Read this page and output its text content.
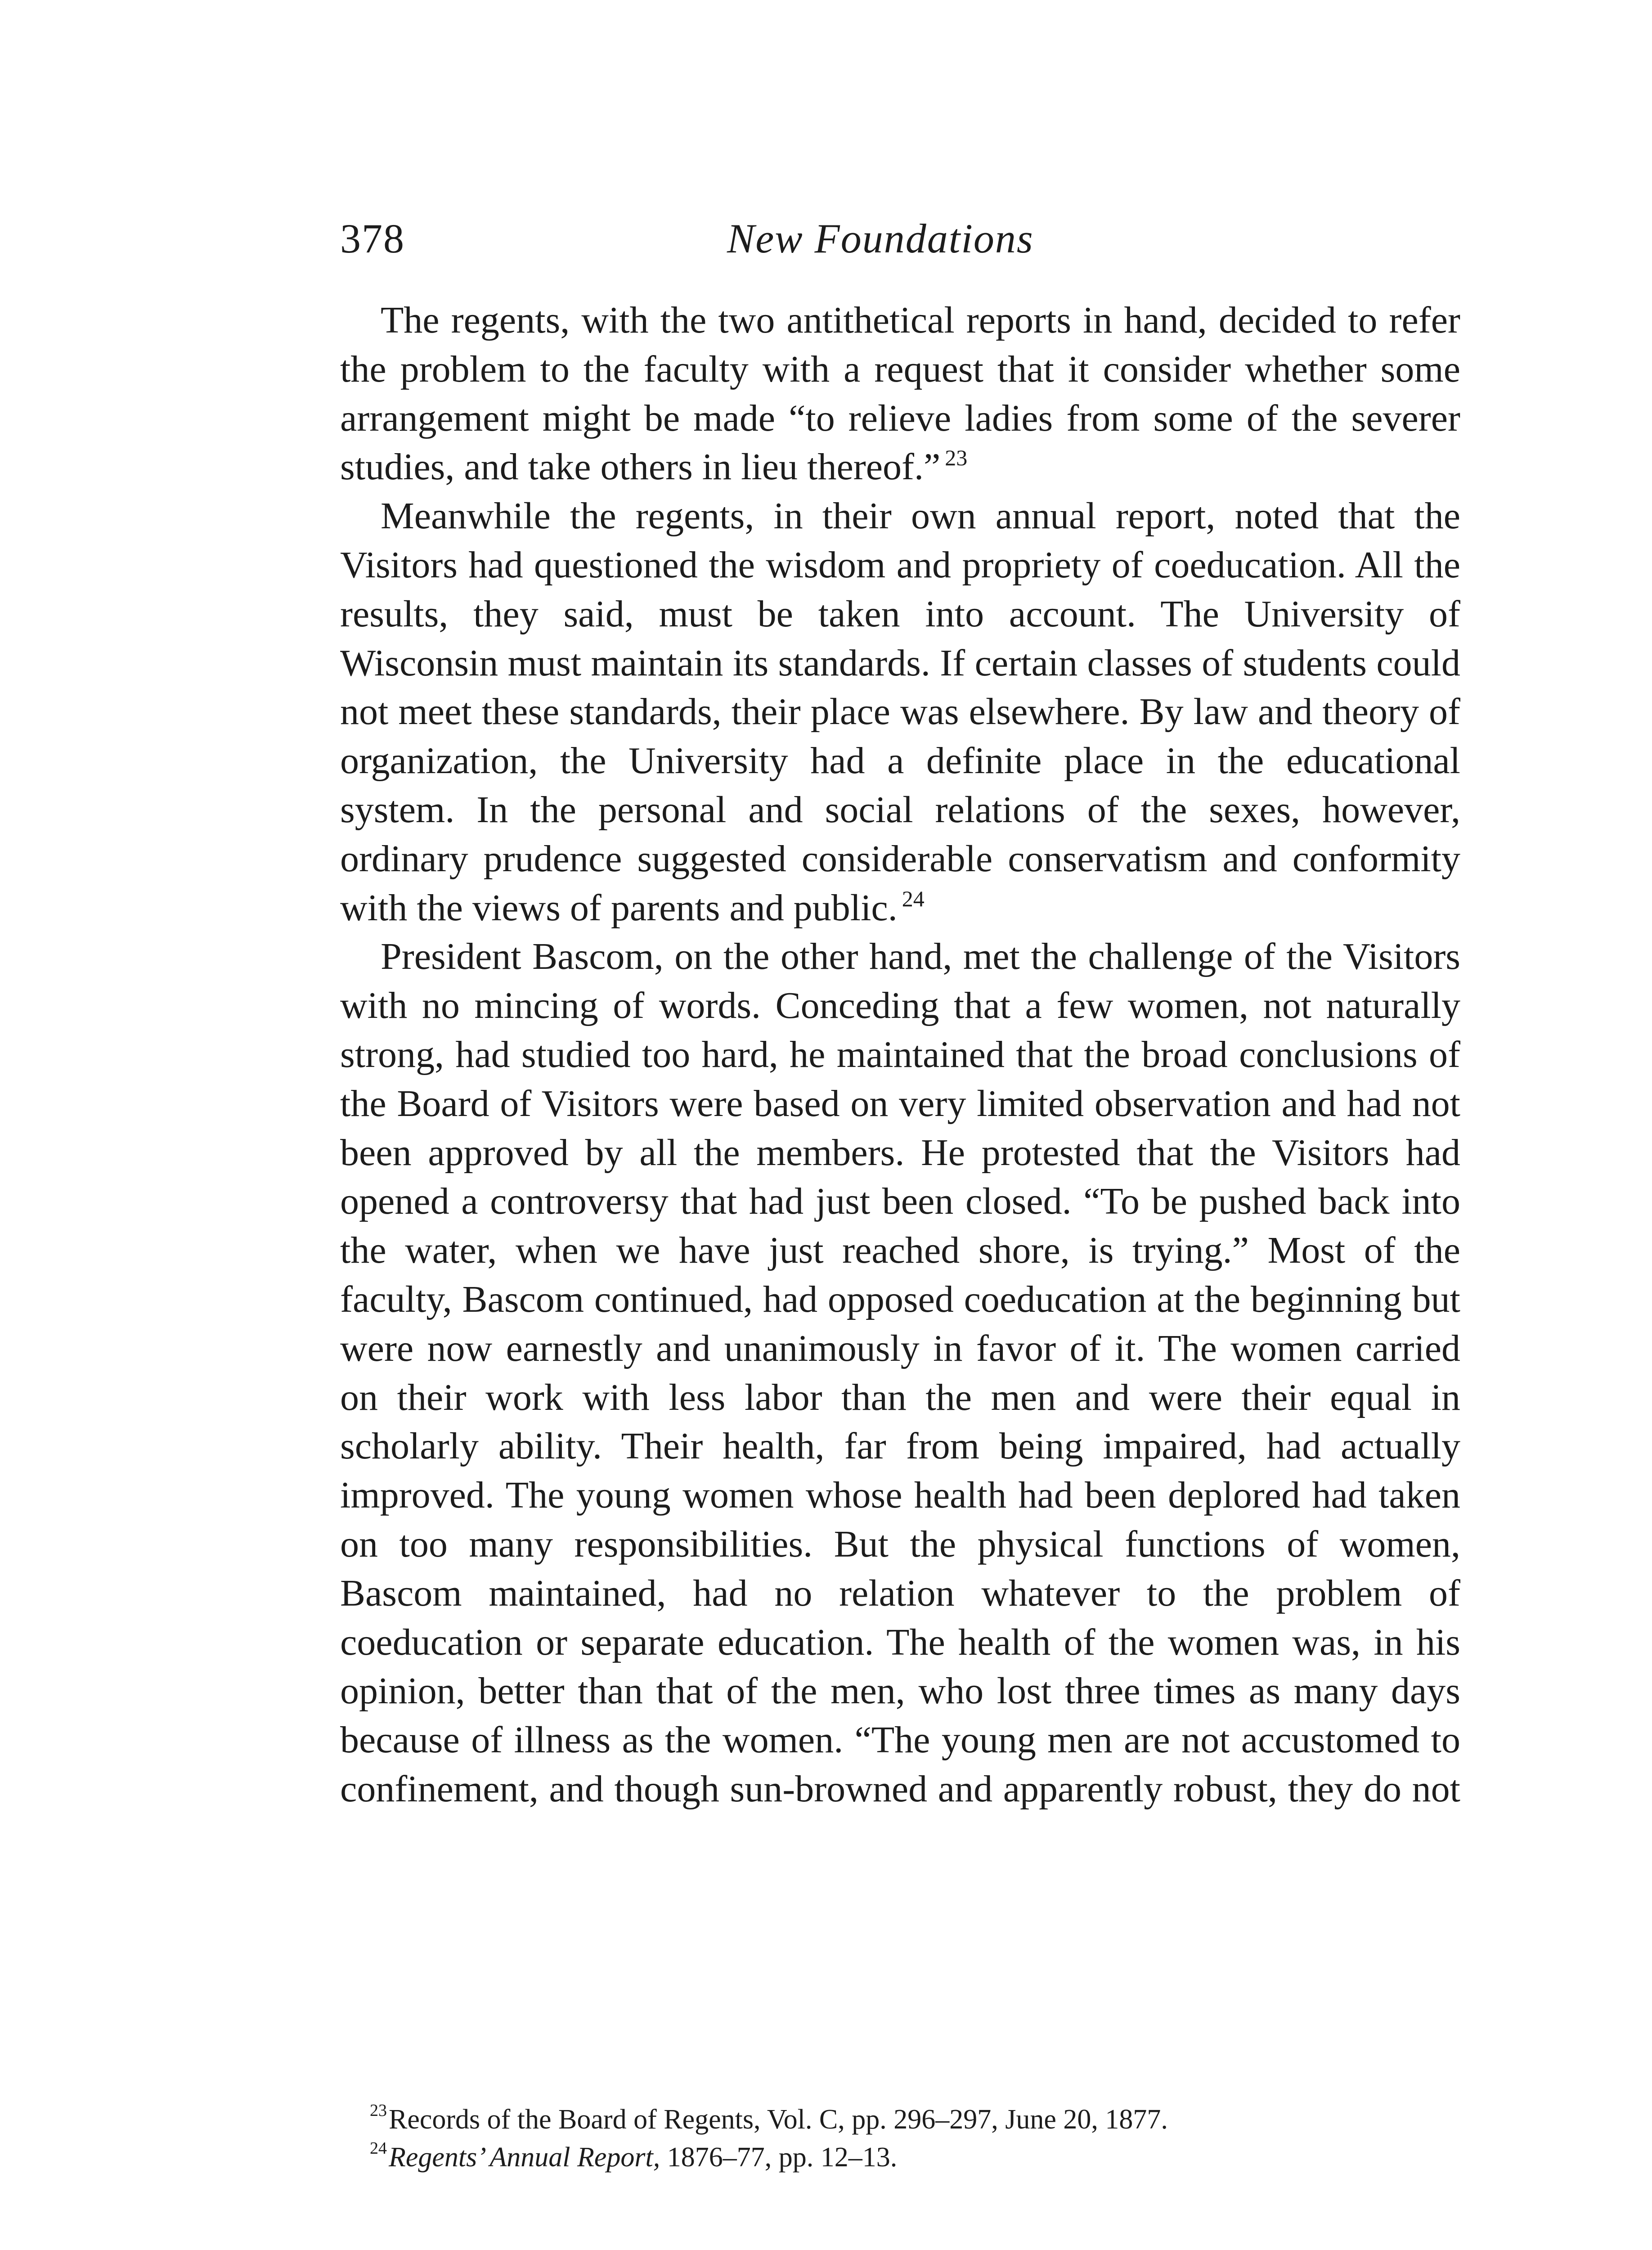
378	New Foundations

The regents, with the two antithetical reports in hand, decided to refer the problem to the faculty with a request that it consider whether some arrangement might be made “to relieve ladies from some of the severer studies, and take others in lieu thereof.” $^{23}$

Meanwhile the regents, in their own annual report, noted that the Visitors had questioned the wisdom and propriety of coeducation. All the results, they said, must be taken into account. The University of Wisconsin must maintain its standards. If certain classes of students could not meet these standards, their place was elsewhere. By law and theory of organization, the University had a definite place in the educational system. In the personal and social relations of the sexes, however, ordinary prudence suggested considerable conservatism and conformity with the views of parents and public. $^{24}$

President Bascom, on the other hand, met the challenge of the Visitors with no mincing of words. Conceding that a few women, not naturally strong, had studied too hard, he maintained that the broad conclusions of the Board of Visitors were based on very limited observation and had not been approved by all the members. He protested that the Visitors had opened a controversy that had just been closed. “To be pushed back into the water, when we have just reached shore, is trying.” Most of the faculty, Bascom continued, had opposed coeducation at the beginning but were now earnestly and unanimously in favor of it. The women carried on their work with less labor than the men and were their equal in scholarly ability. Their health, far from being impaired, had actually improved. The young women whose health had been deplored had taken on too many responsibilities. But the physical functions of women, Bascom maintained, had no relation whatever to the problem of coeducation or separate education. The health of the women was, in his opinion, better than that of the men, who lost three times as many days because of illness as the women. “The young men are not accustomed to confinement, and though sun-browned and apparently robust, they do not

$^{23}$Records of the Board of Regents, Vol. C, pp. 296–297, June 20, 1877.
$^{24}$Regents’ Annual Report, 1876–77, pp. 12–13.
